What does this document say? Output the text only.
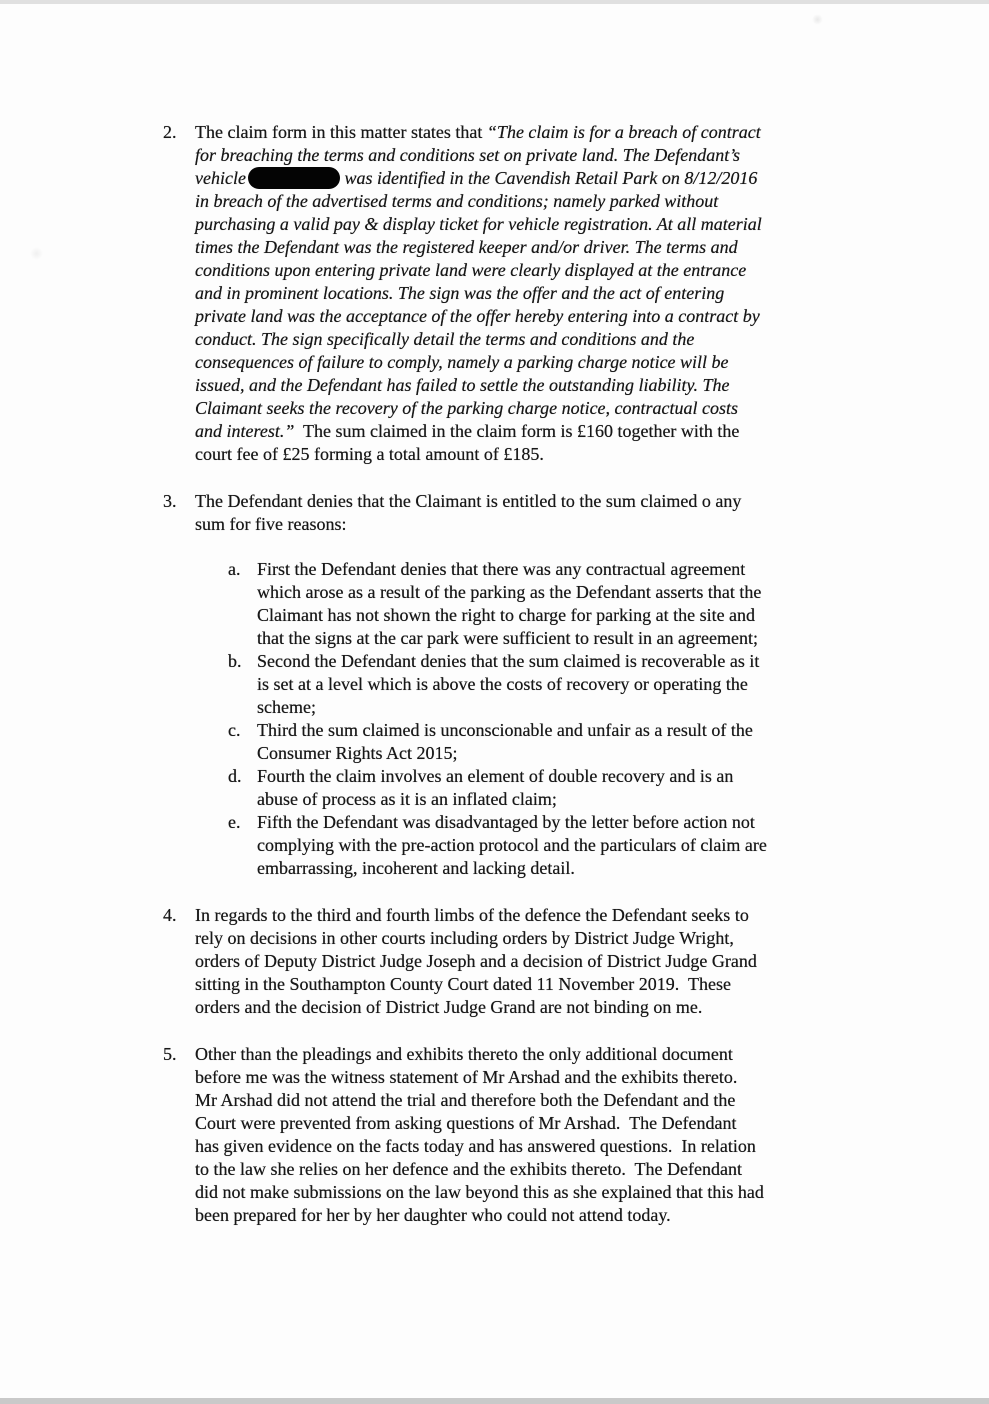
2.	The claim form in this matter states that “The claim is for a breach of contract
for breaching the terms and conditions set on private land. The Defendant’s
vehicle	was identified in the Cavendish Retail Park on 8/12/2016
in breach of the advertised terms and conditions; namely parked without
purchasing a valid pay & display ticket for vehicle registration. At all material
times the Defendant was the registered keeper and/or driver. The terms and
conditions upon entering private land were clearly displayed at the entrance
and in prominent locations. The sign was the offer and the act of entering
private land was the acceptance of the offer hereby entering into a contract by
conduct. The sign specifically detail the terms and conditions and the
consequences of failure to comply, namely a parking charge notice will be
issued, and the Defendant has failed to settle the outstanding liability. The
Claimant seeks the recovery of the parking charge notice, contractual costs
and interest.”  The sum claimed in the claim form is £160 together with the
court fee of £25 forming a total amount of £185.
3.	The Defendant denies that the Claimant is entitled to the sum claimed o any
sum for five reasons:
a. First the Defendant denies that there was any contractual agreement
which arose as a result of the parking as the Defendant asserts that the
Claimant has not shown the right to charge for parking at the site and
that the signs at the car park were sufficient to result in an agreement;
b. Second the Defendant denies that the sum claimed is recoverable as it
is set at a level which is above the costs of recovery or operating the
scheme;
c. Third the sum claimed is unconscionable and unfair as a result of the
Consumer Rights Act 2015;
d. Fourth the claim involves an element of double recovery and is an
abuse of process as it is an inflated claim;
e. Fifth the Defendant was disadvantaged by the letter before action not
complying with the pre-action protocol and the particulars of claim are
embarrassing, incoherent and lacking detail.
4.	In regards to the third and fourth limbs of the defence the Defendant seeks to
rely on decisions in other courts including orders by District Judge Wright,
orders of Deputy District Judge Joseph and a decision of District Judge Grand
sitting in the Southampton County Court dated 11 November 2019.  These
orders and the decision of District Judge Grand are not binding on me.
5.	Other than the pleadings and exhibits thereto the only additional document
before me was the witness statement of Mr Arshad and the exhibits thereto.
Mr Arshad did not attend the trial and therefore both the Defendant and the
Court were prevented from asking questions of Mr Arshad.  The Defendant
has given evidence on the facts today and has answered questions.  In relation
to the law she relies on her defence and the exhibits thereto.  The Defendant
did not make submissions on the law beyond this as she explained that this had
been prepared for her by her daughter who could not attend today.
